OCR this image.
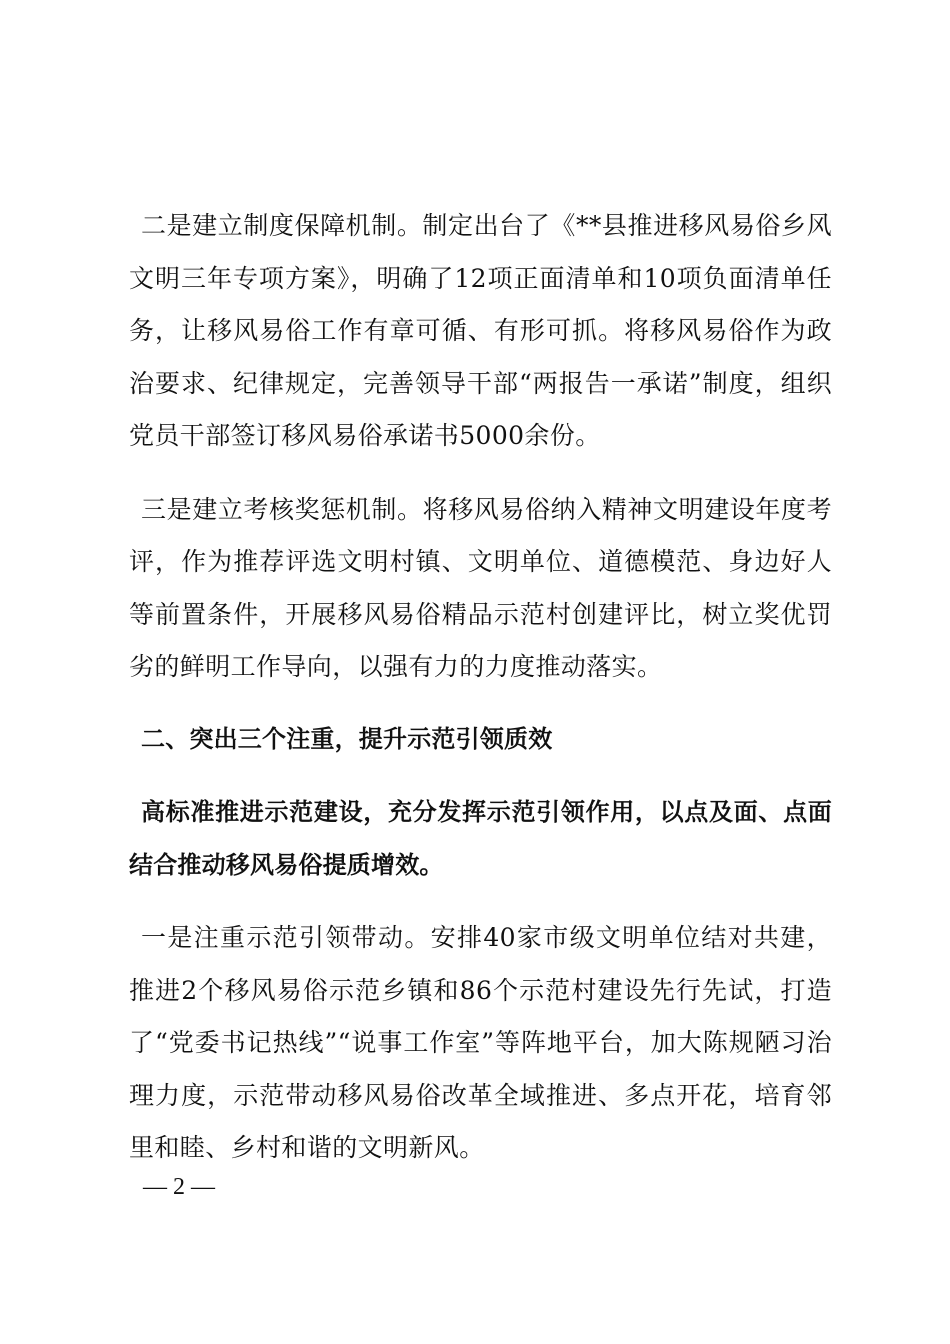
二是建立制度保障机制。制定出台了《**县推进移风易俗乡风文明三年专项方案》，明确了12项正面清单和10项负面清单任务，让移风易俗工作有章可循、有形可抓。将移风易俗作为政治要求、纪律规定，完善领导干部“两报告一承诺”制度，组织党员干部签订移风易俗承诺书5000余份。

三是建立考核奖惩机制。将移风易俗纳入精神文明建设年度考评，作为推荐评选文明村镇、文明单位、道德模范、身边好人等前置条件，开展移风易俗精品示范村创建评比，树立奖优罚劣的鲜明工作导向，以强有力的力度推动落实。

二、突出三个注重，提升示范引领质效

高标准推进示范建设，充分发挥示范引领作用，以点及面、点面结合推动移风易俗提质增效。

一是注重示范引领带动。安排40家市级文明单位结对共建，推进2个移风易俗示范乡镇和86个示范村建设先行先试，打造了“党委书记热线”“说事工作室”等阵地平台，加大陈规陋习治理力度，示范带动移风易俗改革全域推进、多点开花，培育邻里和睦、乡村和谐的文明新风。

— 2 —
